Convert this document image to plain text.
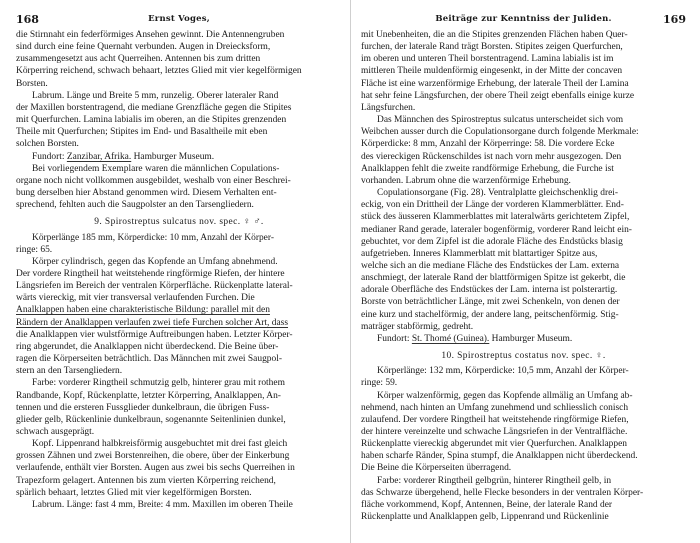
168	Ernst Voges,

die Stirnnaht ein federförmiges Ansehen gewinnt. Die Antennengruben

sind durch eine feine Quernaht verbunden. Augen in Dreiecksform,

zusammengesetzt aus acht Querreihen. Antennen bis zum dritten

Körperring reichend, schwach behaart, letztes Glied mit vier kegelförmigen

Borsten.

Labrum. Länge und Breite 5 mm, runzelig. Oberer lateraler Rand

der Maxillen borstentragend, die mediane Grenzfläche gegen die Stipites

mit Querfurchen. Lamina labialis im oberen, an die Stipites grenzenden

Theile mit Querfurchen; Stipites im End- und Basaltheile mit eben

solchen Borsten.

Fundort: Zanzibar, Afrika. Hamburger Museum.

Bei vorliegendem Exemplare waren die männlichen Copulations-

organe noch nicht vollkommen ausgebildet, weshalb von einer Beschrei-

bung derselben hier Abstand genommen wird. Diesem Verhalten ent-

sprechend, fehlten auch die Saugpolster an den Tarsengliedern.

9. Spirostreptus sulcatus nov. spec. ♀ ♂.

Körperlänge 185 mm, Körperdicke: 10 mm, Anzahl der Körper-

ringe: 65.

Körper cylindrisch, gegen das Kopfende an Umfang abnehmend.

Der vordere Ringtheil hat weitstehende ringförmige Riefen, der hintere

Längsriefen im Bereich der ventralen Körperfläche. Rückenplatte lateral-

wärts viereckig, mit vier transversal verlaufenden Furchen. Die

Analklappen haben eine charakteristische Bildung: parallel mit den

Rändern der Analklappen verlaufen zwei tiefe Furchen solcher Art, dass

die Analklappen vier wulstförmige Auftreibungen haben. Letzter Körper-

ring abgerundet, die Analklappen nicht überdeckend. Die Beine über-

ragen die Körperseiten beträchtlich. Das Männchen mit zwei Saugpol-

stern an den Tarsengliedern.

Farbe: vorderer Ringtheil schmutzig gelb, hinterer grau mit rothem

Randbande, Kopf, Rückenplatte, letzter Körperring, Analklappen, An-

tennen und die ersteren Fussglieder dunkelbraun, die übrigen Fuss-

glieder gelb, Rückenlinie dunkelbraun, sogenannte Seitenlinien dunkel,

schwach ausgeprägt.

Kopf. Lippenrand halbkreisförmig ausgebuchtet mit drei fast gleich

grossen Zähnen und zwei Borstenreihen, die obere, über der Einkerbung

verlaufende, enthält vier Borsten. Augen aus zwei bis sechs Querreihen in

Trapezform gelagert. Antennen bis zum vierten Körperring reichend,

spärlich behaart, letztes Glied mit vier kegelförmigen Borsten.

Labrum. Länge: fast 4 mm, Breite: 4 mm. Maxillen im oberen Theile

Beiträge zur Kenntniss der Juliden.	169

mit Unebenheiten, die an die Stipites grenzenden Flächen haben Quer-

furchen, der laterale Rand trägt Borsten. Stipites zeigen Querfurchen,

im oberen und unteren Theil borstentragend. Lamina labialis ist im

mittleren Theile muldenförmig eingesenkt, in der Mitte der concaven

Fläche ist eine warzenförmige Erhebung, der laterale Theil der Lamina

hat sehr feine Längsfurchen, der obere Theil zeigt ebenfalls einige kurze

Längsfurchen.

Das Männchen des Spirostreptus sulcatus unterscheidet sich vom

Weibchen ausser durch die Copulationsorgane durch folgende Merkmale:

Körperdicke: 8 mm, Anzahl der Körperringe: 58. Die vordere Ecke

des viereckigen Rückenschildes ist nach vorn mehr ausgezogen. Den

Analklappen fehlt die zweite randförmige Erhebung, die Furche ist

vorhanden. Labrum ohne die warzenförmige Erhebung.

Copulationsorgane (Fig. 28). Ventralplatte gleichschenklig drei-

eckig, von ein Drittheil der Länge der vorderen Klammerblätter. End-

stück des äusseren Klammerblattes mit lateralwärts gerichtetem Zipfel,

medianer Rand gerade, lateraler bogenförmig, vorderer Rand leicht ein-

gebuchtet, vor dem Zipfel ist die adorale Fläche des Endstücks blasig

aufgetrieben. Inneres Klammerblatt mit blattartiger Spitze aus,

welche sich an die mediane Fläche des Endstückes der Lam. externa

anschmiegt, der laterale Rand der blattförmigen Spitze ist gekerbt, die

adorale Oberfläche des Endstückes der Lam. interna ist polsterartig.

Borste von beträchtlicher Länge, mit zwei Schenkeln, von denen der

eine kurz und stachelförmig, der andere lang, peitschenförmig. Stig-

maträger stabförmig, gedreht.

Fundort: St. Thomé (Guinea). Hamburger Museum.

10. Spirostreptus costatus nov. spec. ♀.

Körperlänge: 132 mm, Körperdicke: 10,5 mm, Anzahl der Körper-

ringe: 59.

Körper walzenförmig, gegen das Kopfende allmälig an Umfang ab-

nehmend, nach hinten an Umfang zunehmend und schliesslich conisch

zulaufend. Der vordere Ringtheil hat weitstehende ringförmige Riefen,

der hintere vereinzelte und schwache Längsriefen in der Ventralfläche.

Rückenplatte viereckig abgerundet mit vier Querfurchen. Analklappen

haben scharfe Ränder, Spina stumpf, die Analklappen nicht überdeckend.

Die Beine die Körperseiten überragend.

Farbe: vorderer Ringtheil gelbgrün, hinterer Ringtheil gelb, in

das Schwarze übergehend, helle Flecke besonders in der ventralen Körper-

fläche vorkommend, Kopf, Antennen, Beine, der laterale Rand der

Rückenplatte und Analklappen gelb, Lippenrand und Rückenlinie
